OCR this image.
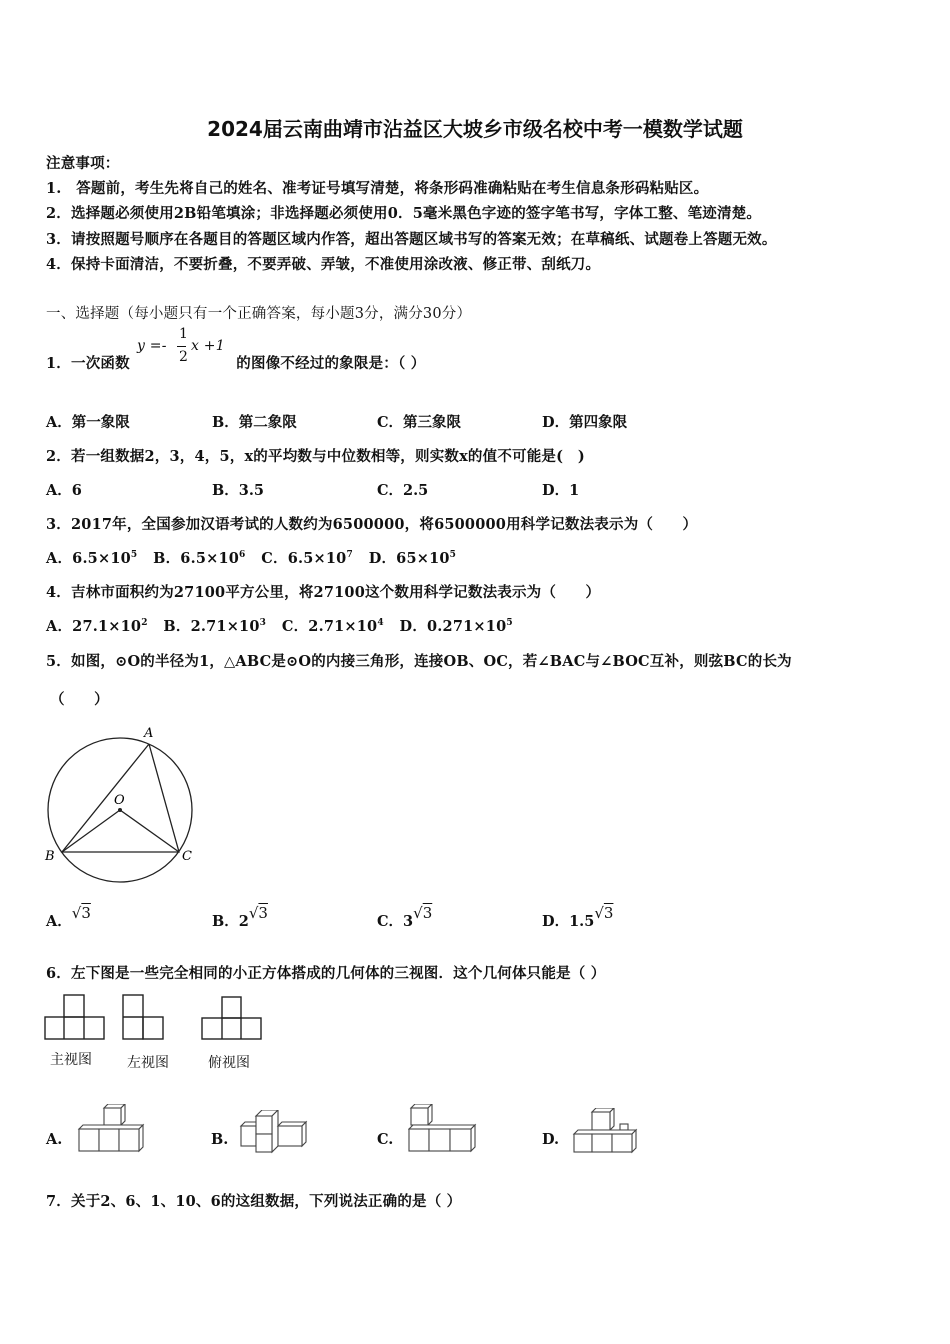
2024届云南曲靖市沾益区大坡乡市级名校中考一模数学试题
注意事项：
1.　答题前，考生先将自己的姓名、准考证号填写清楚，将条形码准确粘贴在考生信息条形码粘贴区。
2．选择题必须使用2B铅笔填涂；非选择题必须使用0．5毫米黑色字迹的签字笔书写，字体工整、笔迹清楚。
3．请按照题号顺序在各题目的答题区域内作答，超出答题区域书写的答案无效；在草稿纸、试题卷上答题无效。
4．保持卡面清洁，不要折叠，不要弄破、弄皱，不准使用涂改液、修正带、刮纸刀。
一、选择题（每小题只有一个正确答案，每小题3分，满分30分）
1．一次函数
y =-
1
2
x +1
的图像不经过的象限是：（ ）
A．第一象限	B．第二象限	C．第三象限	D．第四象限
2．若一组数据2，3，4，5，x的平均数与中位数相等，则实数x的值不可能是(　)
A．6	B．3.5	C．2.5	D．1
3．2017年，全国参加汉语考试的人数约为6500000，将6500000用科学记数法表示为（　　）
A．$6.5\times 10^5$ B．$6.5\times 10^6$ C．$6.5\times 10^7$ D．$65\times 10^5$
4．吉林市面积约为27100平方公里，将27100这个数用科学记数法表示为（　　）
A．$27.1\times 10^2$ B．$2.71\times 10^3$ C．$2.71\times 10^4$ D．$0.271\times 10^5$
5．如图，⊙O的半径为1，△ABC是⊙O的内接三角形，连接OB、OC，若∠BAC与∠BOC互补，则弦BC的长为
（　　）
A
O
B	C
A．√3	B．2√3	C．3√3	D．1.5√3
6．左下图是一些完全相同的小正方体搭成的几何体的三视图．这个几何体只能是（ ）
主视图	左视图	俯视图
A.	B.	C.	D.
7．关于2、6、1、10、6的这组数据，下列说法正确的是（ ）
